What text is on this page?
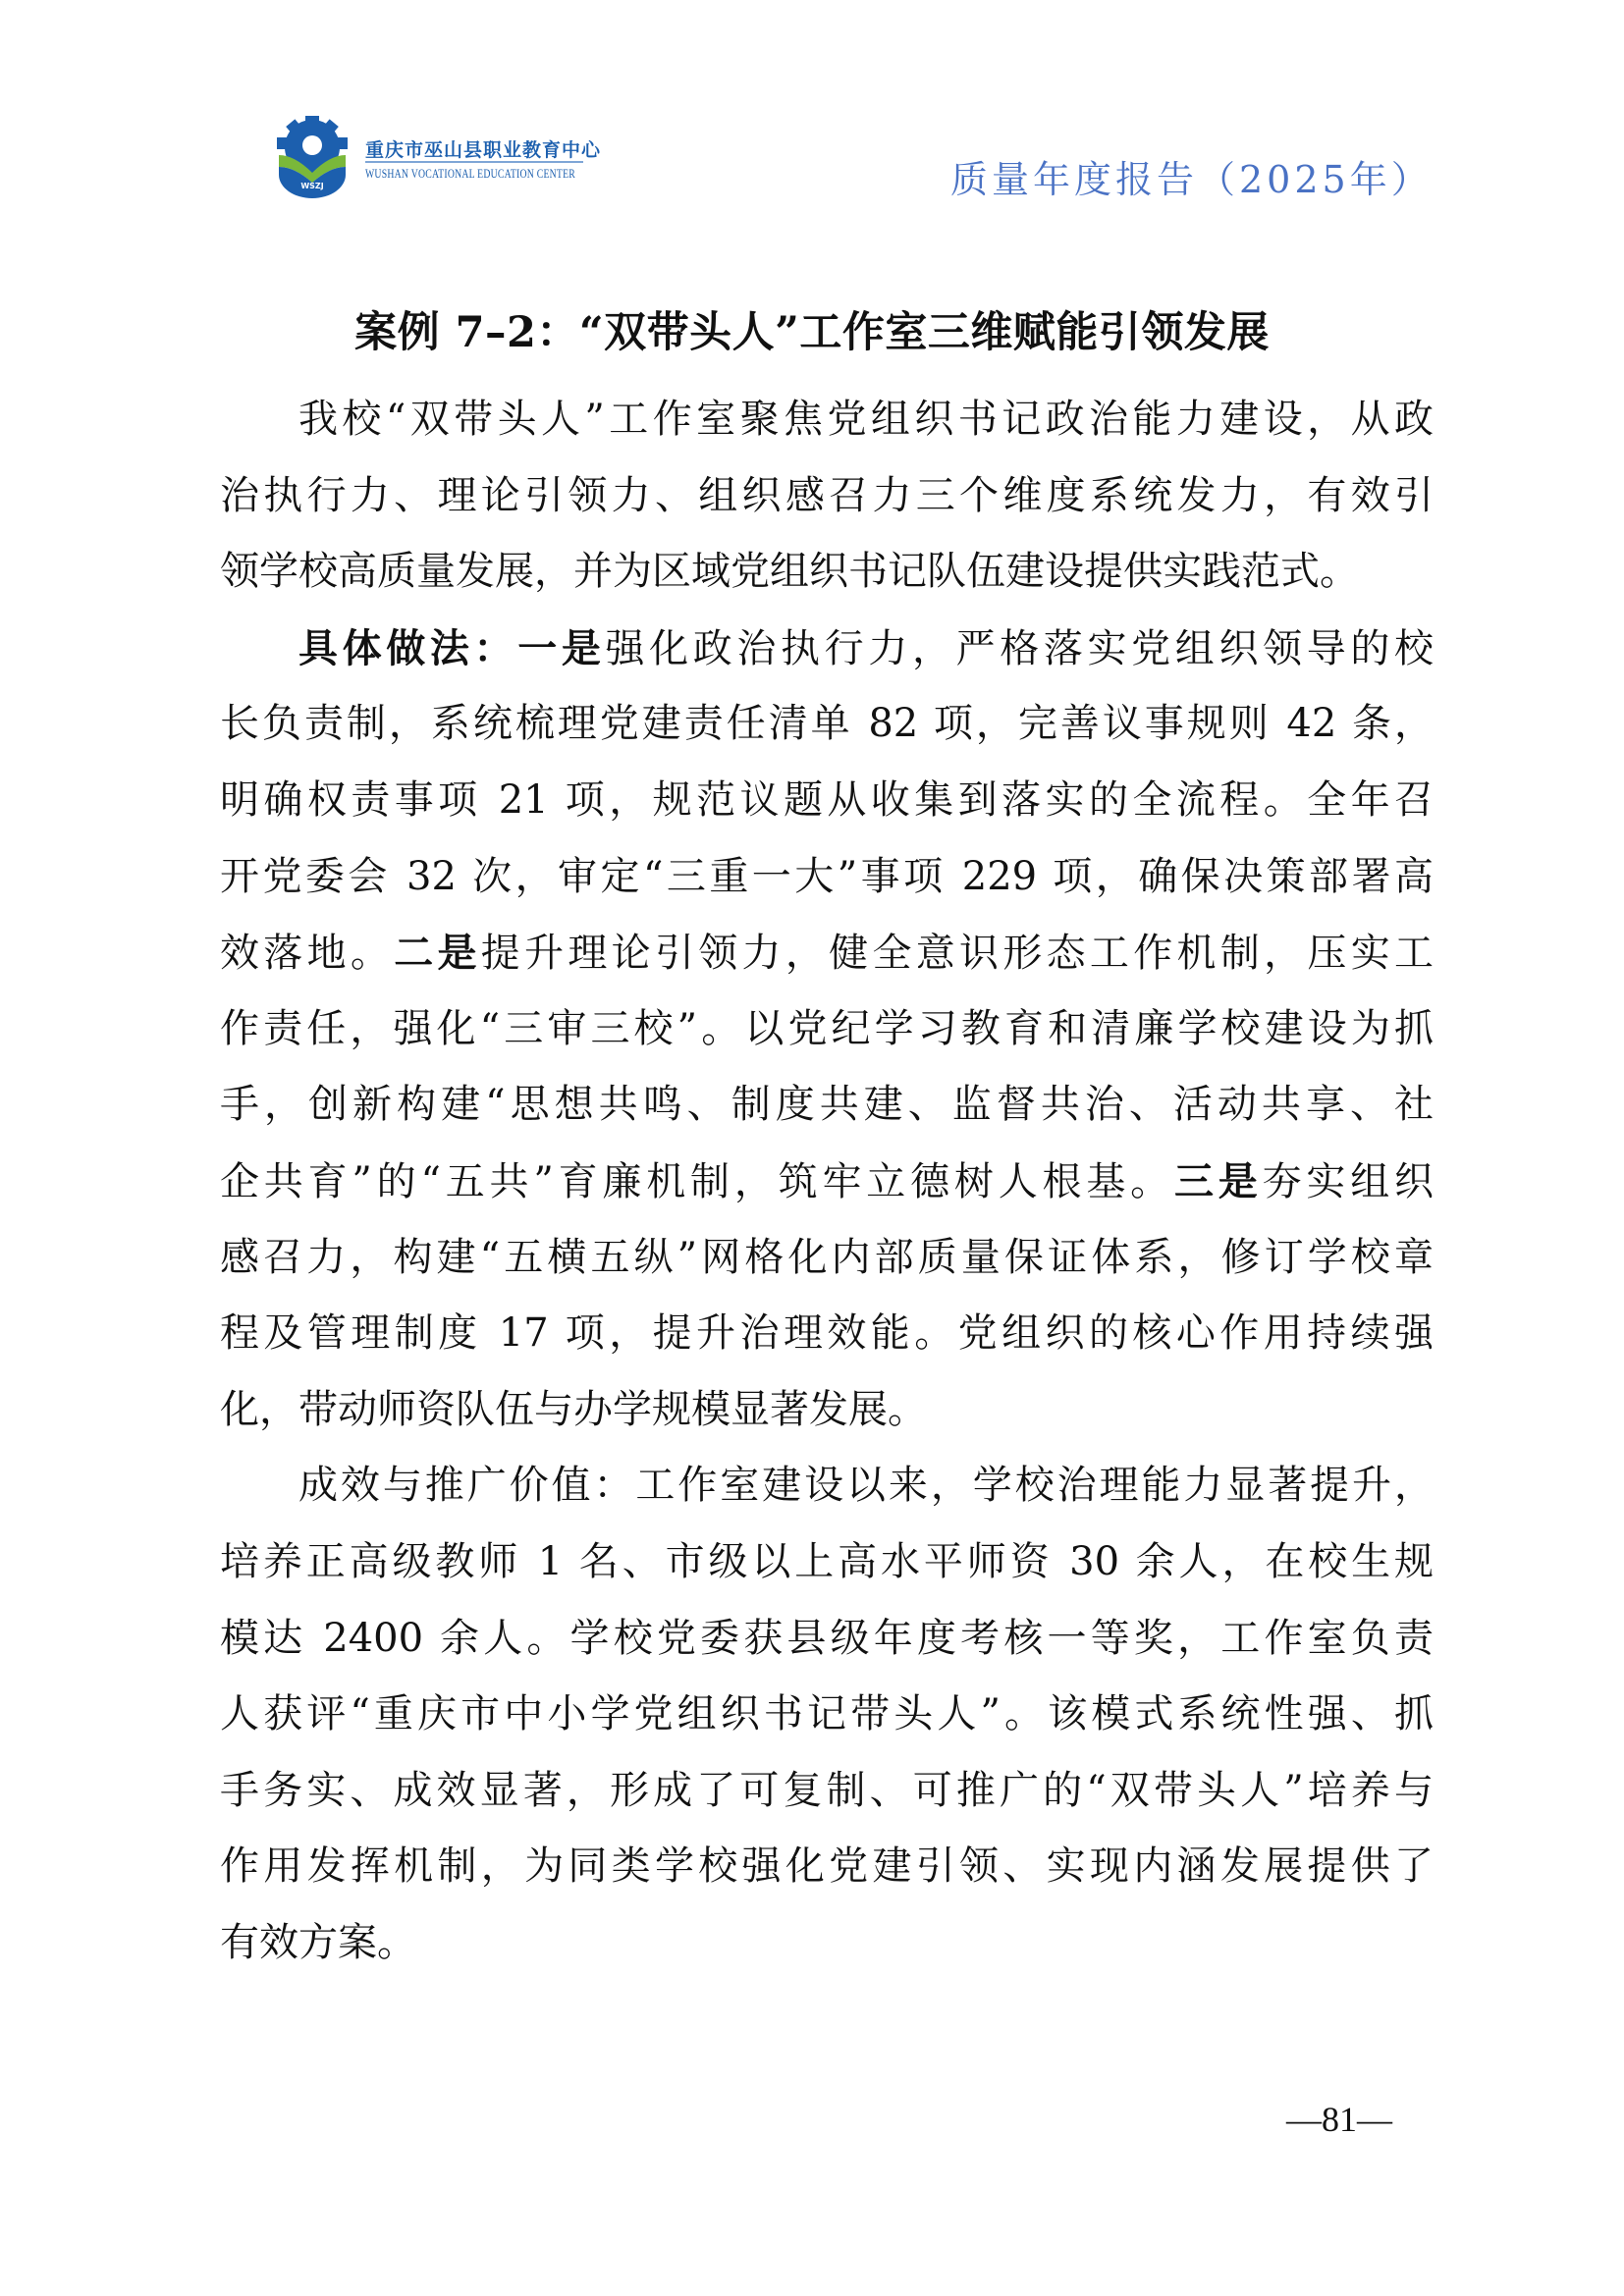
WSZJ
重庆市巫山县职业教育中心
WUSHAN VOCATIONAL EDUCATION CENTER	质量年度报告（2025年）
案例 7–2：“双带头人”工作室三维赋能引领发展
我校“双带头人”工作室聚焦党组织书记政治能力建设，从政
治执行力、理论引领力、组织感召力三个维度系统发力，有效引
领学校高质量发展，并为区域党组织书记队伍建设提供实践范式。
具体做法：一是强化政治执行力，严格落实党组织领导的校
长负责制，系统梳理党建责任清单 82 项，完善议事规则 42 条，
明确权责事项 21 项，规范议题从收集到落实的全流程。全年召
开党委会 32 次，审定“三重一大”事项 229 项，确保决策部署高
效落地。二是提升理论引领力，健全意识形态工作机制，压实工
作责任，强化“三审三校”。以党纪学习教育和清廉学校建设为抓
手，创新构建“思想共鸣、制度共建、监督共治、活动共享、社
企共育”的“五共”育廉机制，筑牢立德树人根基。三是夯实组织
感召力，构建“五横五纵”网格化内部质量保证体系，修订学校章
程及管理制度 17 项，提升治理效能。党组织的核心作用持续强
化，带动师资队伍与办学规模显著发展。
成效与推广价值：工作室建设以来，学校治理能力显著提升，
培养正高级教师 1 名、市级以上高水平师资 30 余人，在校生规
模达 2400 余人。学校党委获县级年度考核一等奖，工作室负责
人获评“重庆市中小学党组织书记带头人”。该模式系统性强、抓
手务实、成效显著，形成了可复制、可推广的“双带头人”培养与
作用发挥机制，为同类学校强化党建引领、实现内涵发展提供了
有效方案。
—81—
